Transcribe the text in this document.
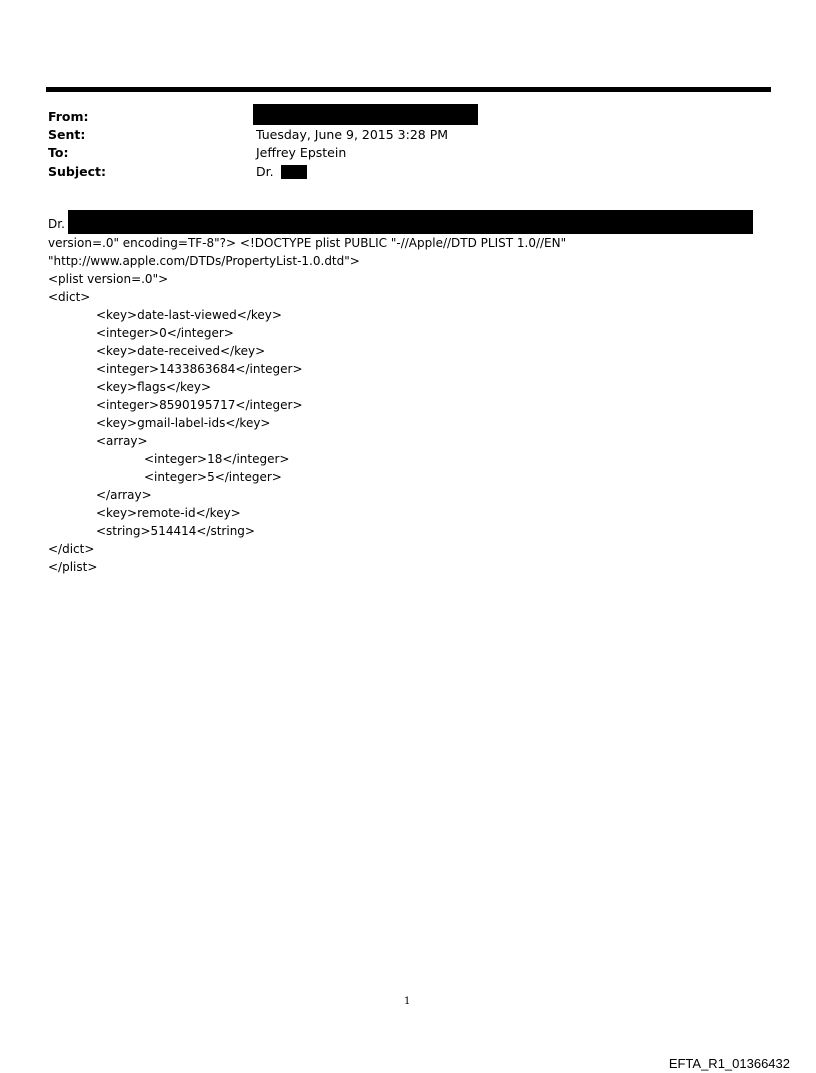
From:
Sent:	Tuesday, June 9, 2015 3:28 PM
To:	Jeffrey Epstein
Subject:	Dr.
Dr.
version=.0" encoding=TF-8"?> <!DOCTYPE plist PUBLIC "-//Apple//DTD PLIST 1.0//EN"
"http://www.apple.com/DTDs/PropertyList-1.0.dtd">
<plist version=.0">
<dict>
<key>date-last-viewed</key>
<integer>0</integer>
<key>date-received</key>
<integer>1433863684</integer>
<key>flags</key>
<integer>8590195717</integer>
<key>gmail-label-ids</key>
<array>
<integer>18</integer>
<integer>5</integer>
</array>
<key>remote-id</key>
<string>514414</string>
</dict>
</plist>
1
EFTA_R1_01366432
